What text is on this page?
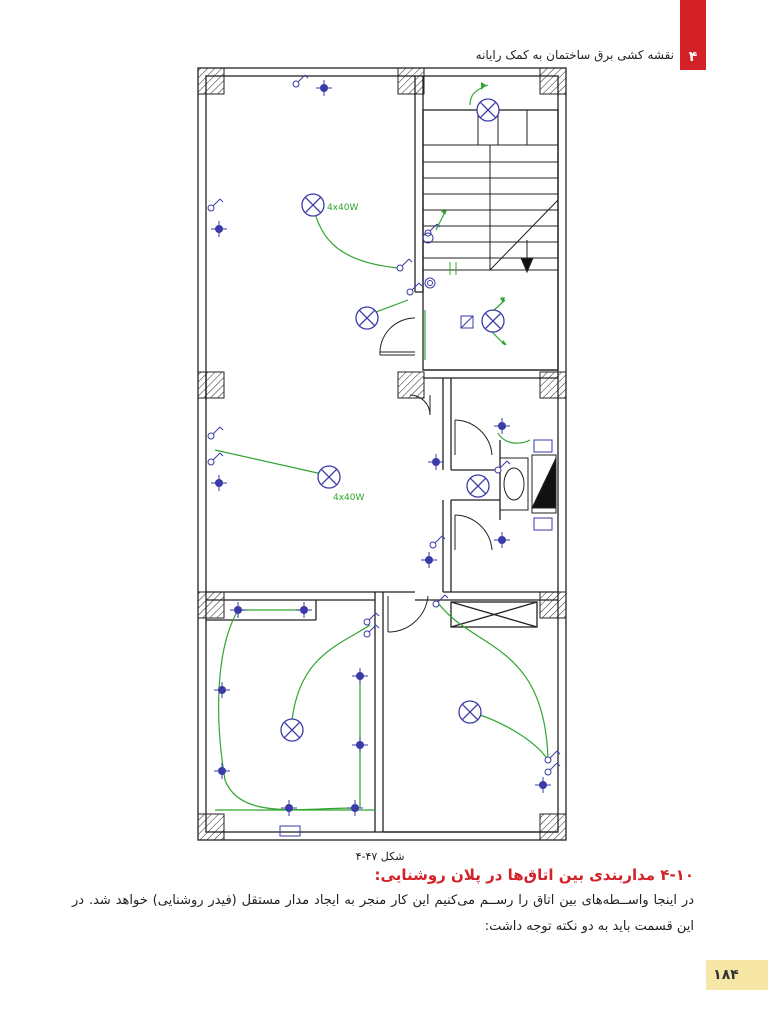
۴
نقشه کشی برق ساختمان به کمک رایانه
4x40W
4x40W
شکل ۴۷-۴
۴-۱۰ مداربندی بین اتاق‌ها در پلان روشنایی:
در اینجا واســطه‌های بین اتاق را رســم می‌کنیم این کار منجر به ایجاد مدار مستقل (فیدر روشنایی) خواهد شد. در این قسمت باید به دو نکته توجه داشت:
۱۸۴
